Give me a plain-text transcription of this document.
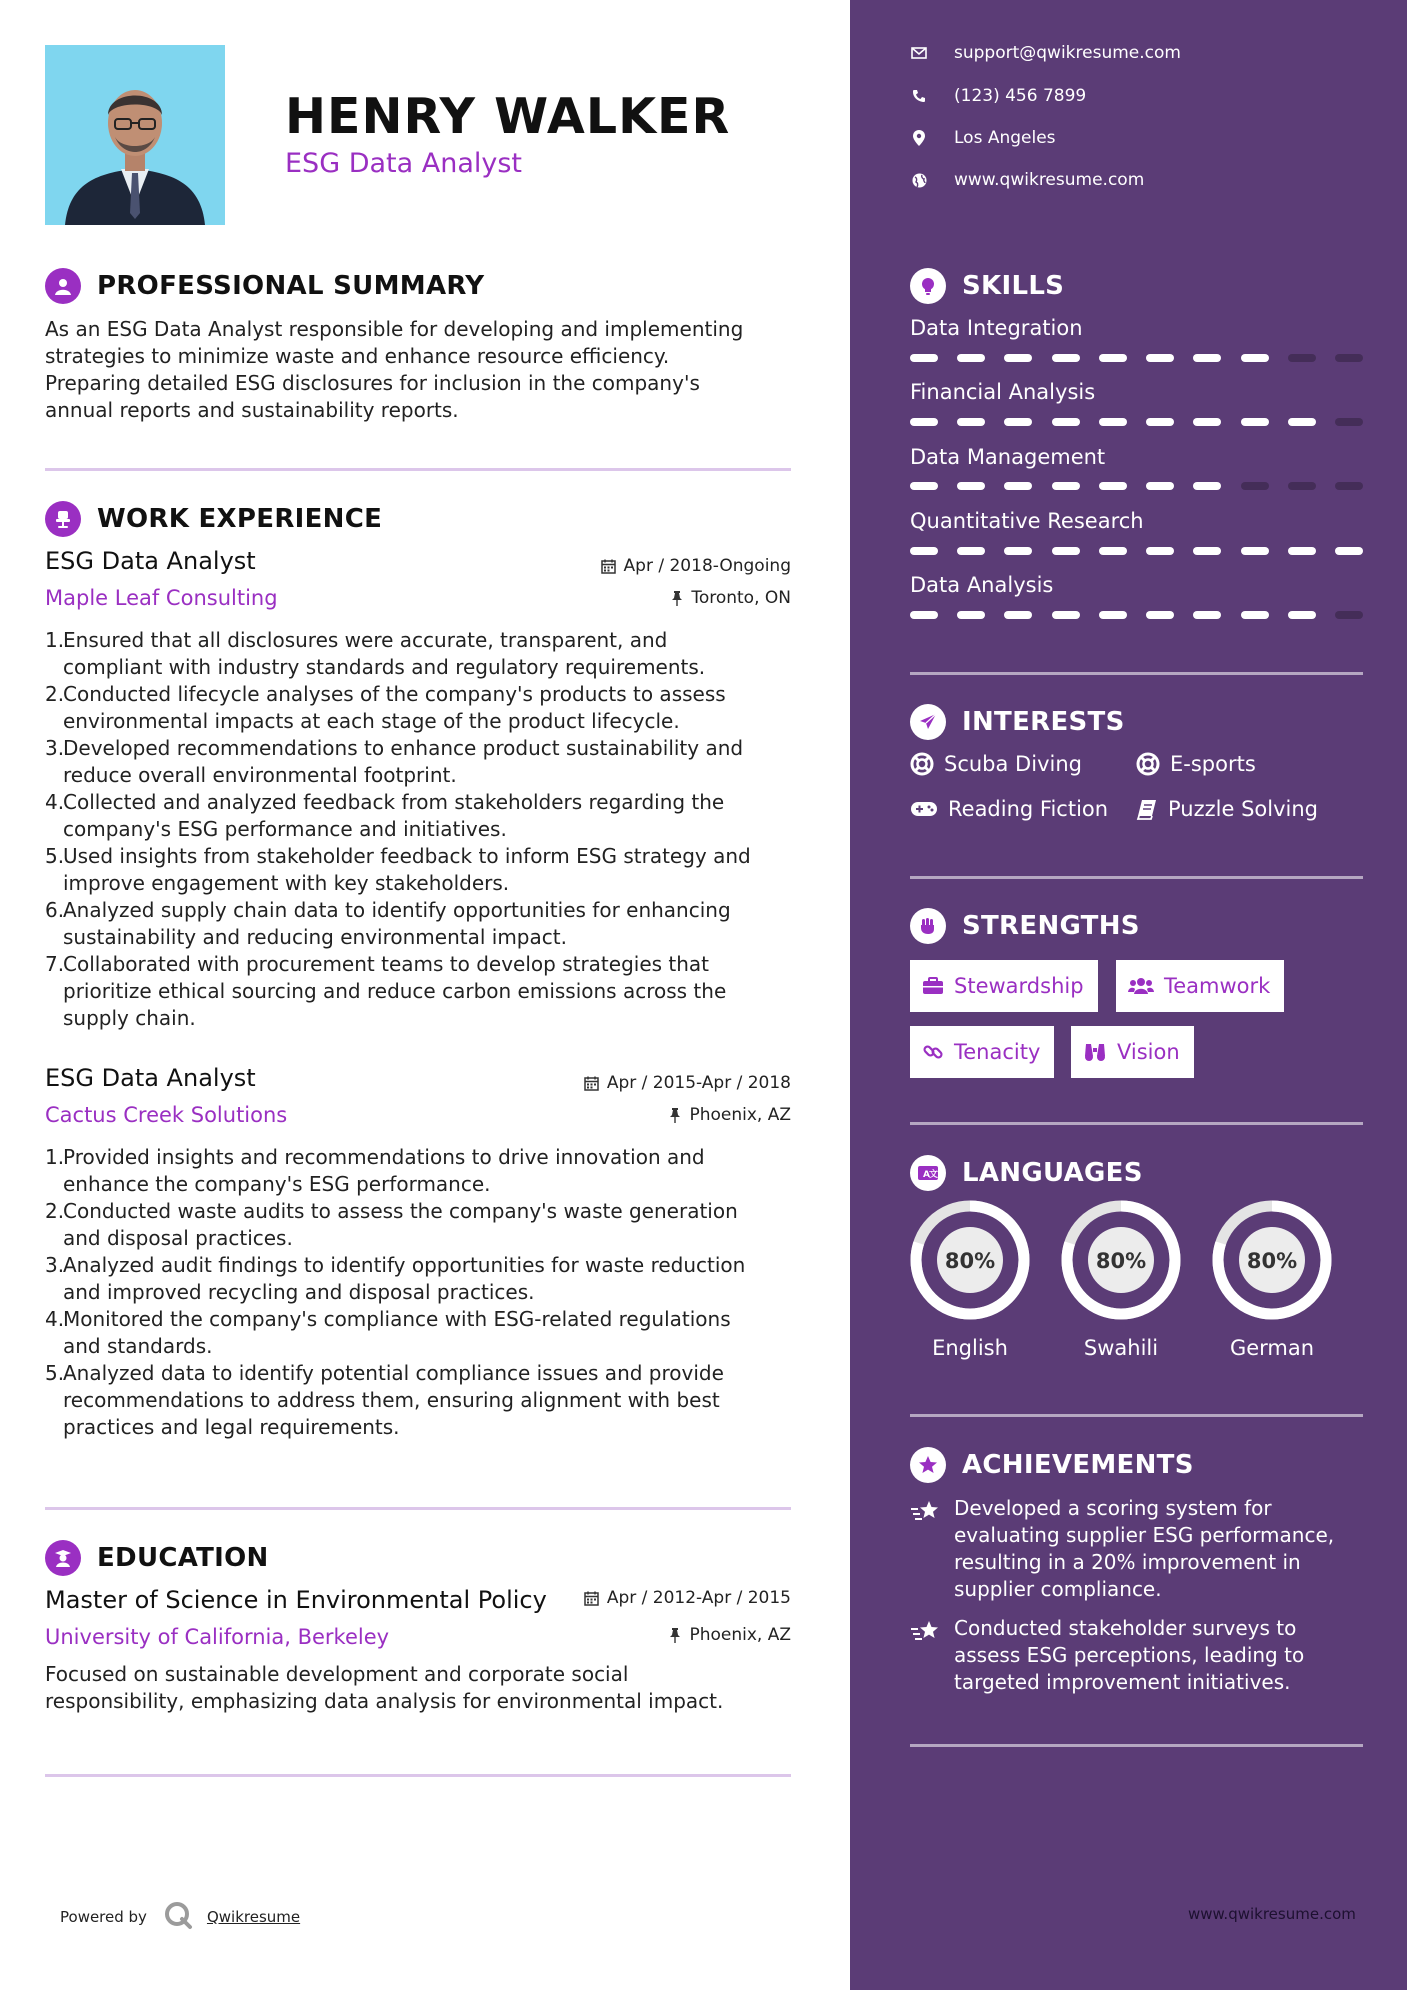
HENRY WALKER
ESG Data Analyst
PROFESSIONAL SUMMARY
As an ESG Data Analyst responsible for developing and implementing
strategies to minimize waste and enhance resource efficiency.
Preparing detailed ESG disclosures for inclusion in the company's
annual reports and sustainability reports.
WORK EXPERIENCE
ESG Data Analyst	Apr / 2018-Ongoing
Maple Leaf Consulting	Toronto, ON
1.
Ensured that all disclosures were accurate, transparent, and
compliant with industry standards and regulatory requirements.
2.
Conducted lifecycle analyses of the company's products to assess
environmental impacts at each stage of the product lifecycle.
3.
Developed recommendations to enhance product sustainability and
reduce overall environmental footprint.
4.
Collected and analyzed feedback from stakeholders regarding the
company's ESG performance and initiatives.
5.
Used insights from stakeholder feedback to inform ESG strategy and
improve engagement with key stakeholders.
6.
Analyzed supply chain data to identify opportunities for enhancing
sustainability and reducing environmental impact.
7.
Collaborated with procurement teams to develop strategies that
prioritize ethical sourcing and reduce carbon emissions across the
supply chain.
ESG Data Analyst	Apr / 2015-Apr / 2018
Cactus Creek Solutions	Phoenix, AZ
1.
Provided insights and recommendations to drive innovation and
enhance the company's ESG performance.
2.
Conducted waste audits to assess the company's waste generation
and disposal practices.
3.
Analyzed audit findings to identify opportunities for waste reduction
and improved recycling and disposal practices.
4.
Monitored the company's compliance with ESG-related regulations
and standards.
5.
Analyzed data to identify potential compliance issues and provide
recommendations to address them, ensuring alignment with best
practices and legal requirements.
EDUCATION
Master of Science in Environmental Policy	Apr / 2012-Apr / 2015
University of California, Berkeley	Phoenix, AZ
Focused on sustainable development and corporate social
responsibility, emphasizing data analysis for environmental impact.
Powered by	Qwikresume
support@qwikresume.com
(123) 456 7899
Los Angeles
www.qwikresume.com
SKILLS
Data Integration
Financial Analysis
Data Management
Quantitative Research
Data Analysis
INTERESTS
Scuba Diving	E-sports
Reading Fiction	Puzzle Solving
STRENGTHS
Stewardship	Teamwork
Tenacity	Vision
A 文 LANGUAGES
80%	80%	80%
English	Swahili	German
ACHIEVEMENTS
Developed a scoring system for
evaluating supplier ESG performance,
resulting in a 20% improvement in
supplier compliance.
Conducted stakeholder surveys to
assess ESG perceptions, leading to
targeted improvement initiatives.
www.qwikresume.com
